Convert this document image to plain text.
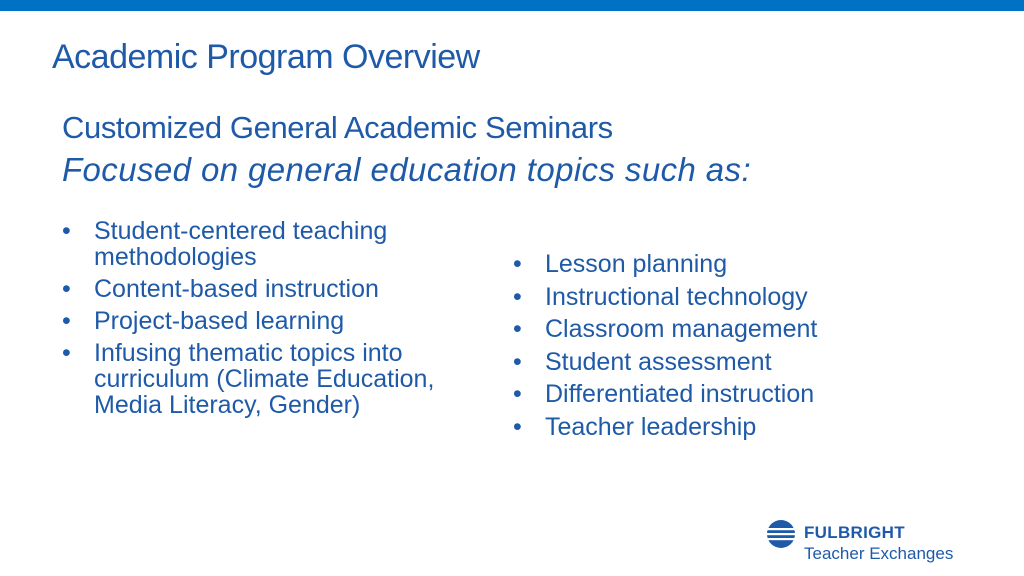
Academic Program Overview
Customized General Academic Seminars
Focused on general education topics such as:
• Student-centered teaching methodologies
• Content-based instruction
• Project-based learning
• Infusing thematic topics into curriculum (Climate Education, Media Literacy, Gender)
• Lesson planning
• Instructional technology
• Classroom management
• Student assessment
• Differentiated instruction
• Teacher leadership
FULBRIGHT
Teacher Exchanges
